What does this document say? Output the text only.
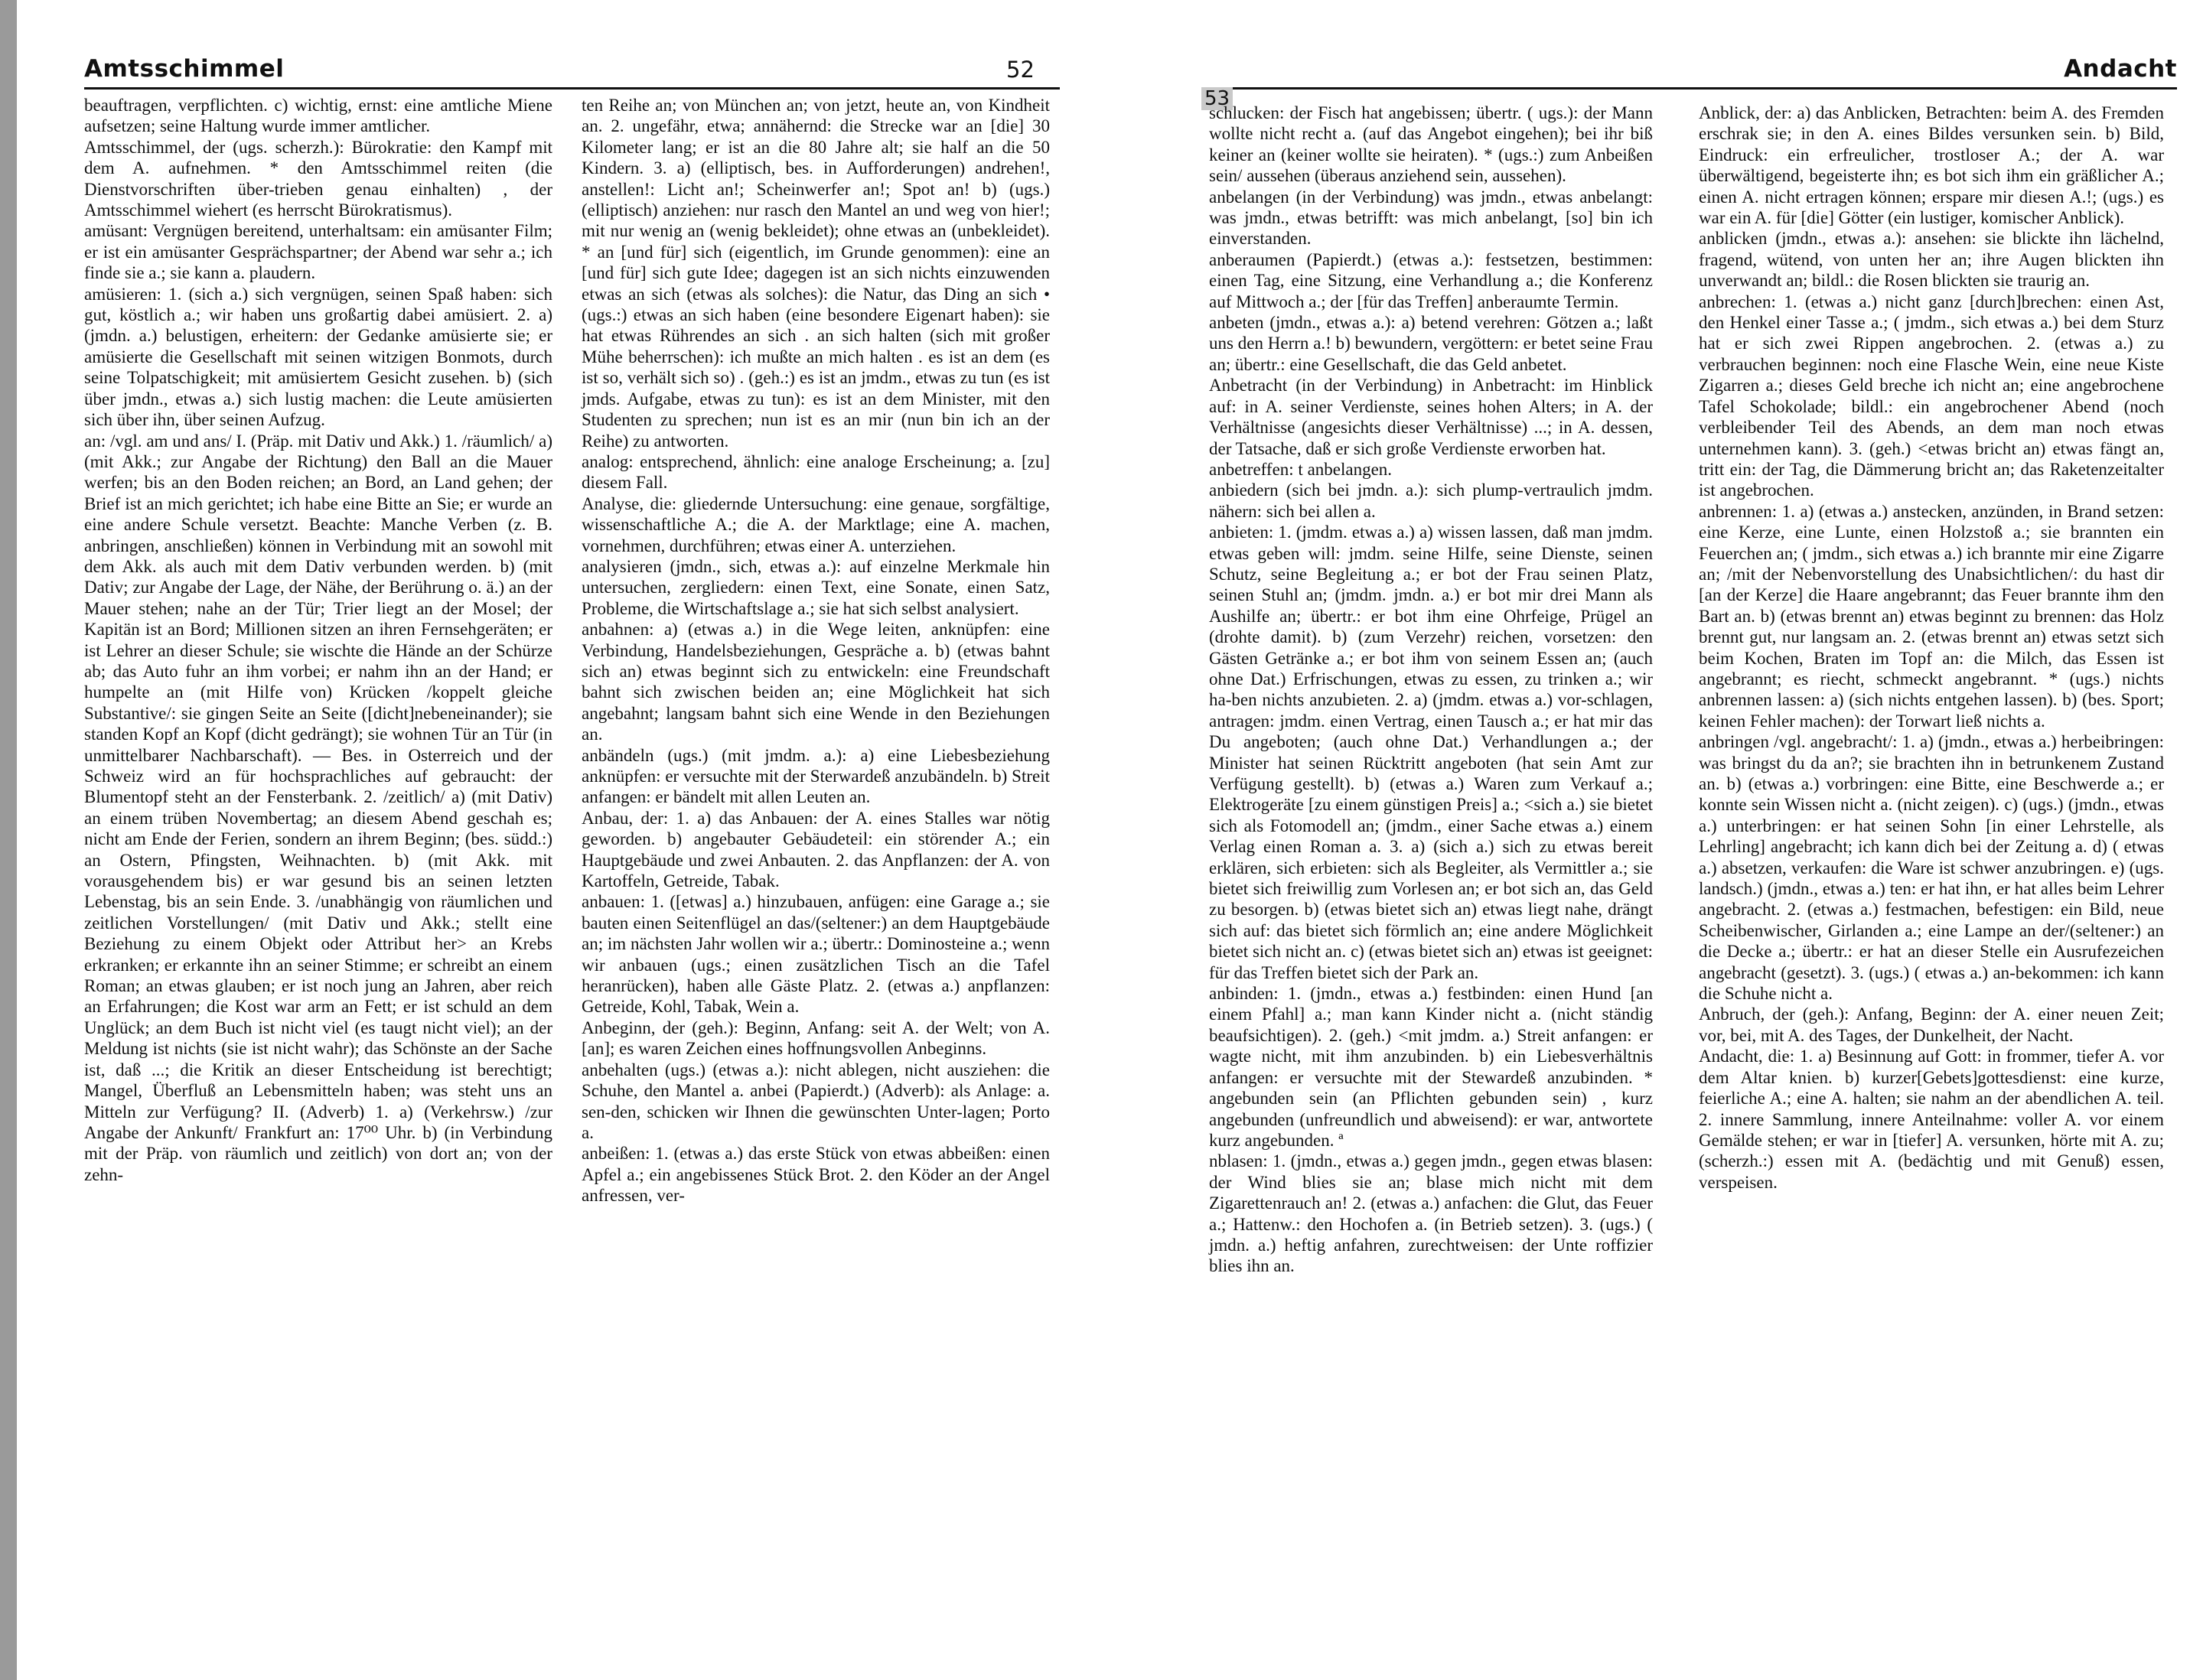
Amtsschimmel	52

beauftragen, verpflichten. c) wichtig, ernst: eine amtliche Miene aufsetzen; seine Haltung wurde immer amtlicher.

Amtsschimmel, der (ugs. scherzh.): Bürokratie: den Kampf mit dem A. aufnehmen. * den Amtsschimmel reiten (die Dienstvorschriften über-trieben genau einhalten) , der Amtsschimmel wiehert (es herrscht Bürokratismus).

amüsant: Vergnügen bereitend, unterhaltsam: ein amüsanter Film; er ist ein amüsanter Gesprächspartner; der Abend war sehr a.; ich finde sie a.; sie kann a. plaudern.

amüsieren: 1. (sich a.) sich vergnügen, seinen Spaß haben: sich gut, köstlich a.; wir haben uns großartig dabei amüsiert. 2. a) (jmdn. a.) belustigen, erheitern: der Gedanke amüsierte sie; er amüsierte die Gesellschaft mit seinen witzigen Bonmots, durch seine Tolpatschigkeit; mit amüsiertem Gesicht zusehen. b) (sich über jmdn., etwas a.) sich lustig machen: die Leute amüsierten sich über ihn, über seinen Aufzug.

an: /vgl. am und ans/ I. (Präp. mit Dativ und Akk.) 1. /räumlich/ a) (mit Akk.; zur Angabe der Richtung) den Ball an die Mauer werfen; bis an den Boden reichen; an Bord, an Land gehen; der Brief ist an mich gerichtet; ich habe eine Bitte an Sie; er wurde an eine andere Schule versetzt. Beachte: Manche Verben (z. B. anbringen, anschließen) können in Verbindung mit an sowohl mit dem Akk. als auch mit dem Dativ verbunden werden. b) (mit Dativ; zur Angabe der Lage, der Nähe, der Berührung o. ä.) an der Mauer stehen; nahe an der Tür; Trier liegt an der Mosel; der Kapitän ist an Bord; Millionen sitzen an ihren Fernsehgeräten; er ist Lehrer an dieser Schule; sie wischte die Hände an der Schürze ab; das Auto fuhr an ihm vorbei; er nahm ihn an der Hand; er humpelte an (mit Hilfe von) Krücken /koppelt gleiche Substantive/: sie gingen Seite an Seite ([dicht]nebeneinander); sie standen Kopf an Kopf (dicht gedrängt); sie wohnen Tür an Tür (in unmittelbarer Nachbarschaft). — Bes. in Osterreich und der Schweiz wird an für hochsprachliches auf gebraucht: der Blumentopf steht an der Fensterbank. 2. /zeitlich/ a) (mit Dativ) an einem trüben Novembertag; an diesem Abend geschah es; nicht am Ende der Ferien, sondern an ihrem Beginn; (bes. südd.:) an Ostern, Pfingsten, Weihnachten. b) (mit Akk. mit vorausgehendem bis) er war gesund bis an seinen letzten Lebenstag, bis an sein Ende. 3. /unabhängig von räumlichen und zeitlichen Vorstellungen/ (mit Dativ und Akk.; stellt eine Beziehung zu einem Objekt oder Attribut her> an Krebs erkranken; er erkannte ihn an seiner Stimme; er schreibt an einem Roman; an etwas glauben; er ist noch jung an Jahren, aber reich an Erfahrungen; die Kost war arm an Fett; er ist schuld an dem Unglück; an dem Buch ist nicht viel (es taugt nicht viel); an der Meldung ist nichts (sie ist nicht wahr); das Schönste an der Sache ist, daß ...; die Kritik an dieser Entscheidung ist berechtigt; Mangel, Überfluß an Lebensmitteln haben; was steht uns an Mitteln zur Verfügung? II. (Adverb) 1. a) (Verkehrsw.) /zur Angabe der Ankunft/ Frankfurt an: 17⁰⁰ Uhr. b) (in Verbindung mit der Präp. von räumlich und zeitlich) von dort an; von der zehn-

ten Reihe an; von München an; von jetzt, heute an, von Kindheit an. 2. ungefähr, etwa; annähernd: die Strecke war an [die] 30 Kilometer lang; er ist an die 80 Jahre alt; sie half an die 50 Kindern. 3. a) (elliptisch, bes. in Aufforderungen) andrehen!, anstellen!: Licht an!; Scheinwerfer an!; Spot an! b) (ugs.) (elliptisch) anziehen: nur rasch den Mantel an und weg von hier!; mit nur wenig an (wenig bekleidet); ohne etwas an (unbekleidet). * an [und für] sich (eigentlich, im Grunde genommen): eine an [und für] sich gute Idee; dagegen ist an sich nichts einzuwenden etwas an sich (etwas als solches): die Natur, das Ding an sich • (ugs.:) etwas an sich haben (eine besondere Eigenart haben): sie hat etwas Rührendes an sich . an sich halten (sich mit großer Mühe beherrschen): ich mußte an mich halten . es ist an dem (es ist so, verhält sich so) . (geh.:) es ist an jmdm., etwas zu tun (es ist jmds. Aufgabe, etwas zu tun): es ist an dem Minister, mit den Studenten zu sprechen; nun ist es an mir (nun bin ich an der Reihe) zu antworten.

analog: entsprechend, ähnlich: eine analoge Erscheinung; a. [zu] diesem Fall.

Analyse, die: gliedernde Untersuchung: eine genaue, sorgfältige, wissenschaftliche A.; die A. der Marktlage; eine A. machen, vornehmen, durchführen; etwas einer A. unterziehen.

analysieren (jmdn., sich, etwas a.): auf einzelne Merkmale hin untersuchen, zergliedern: einen Text, eine Sonate, einen Satz, Probleme, die Wirtschaftslage a.; sie hat sich selbst analysiert.

anbahnen: a) (etwas a.) in die Wege leiten, anknüpfen: eine Verbindung, Handelsbeziehungen, Gespräche a. b) (etwas bahnt sich an) etwas beginnt sich zu entwickeln: eine Freundschaft bahnt sich zwischen beiden an; eine Möglichkeit hat sich angebahnt; langsam bahnt sich eine Wende in den Beziehungen an.

anbändeln (ugs.) (mit jmdm. a.): a) eine Liebesbeziehung anknüpfen: er versuchte mit der Sterwardeß anzubändeln. b) Streit anfangen: er bändelt mit allen Leuten an.

Anbau, der: 1. a) das Anbauen: der A. eines Stalles war nötig geworden. b) angebauter Gebäudeteil: ein störender A.; ein Hauptgebäude und zwei Anbauten. 2. das Anpflanzen: der A. von Kartoffeln, Getreide, Tabak.

anbauen: 1. ([etwas] a.) hinzubauen, anfügen: eine Garage a.; sie bauten einen Seitenflügel an das/(seltener:) an dem Hauptgebäude an; im nächsten Jahr wollen wir a.; übertr.: Dominosteine a.; wenn wir anbauen (ugs.; einen zusätzlichen Tisch an die Tafel heranrücken), haben alle Gäste Platz. 2. (etwas a.) anpflanzen: Getreide, Kohl, Tabak, Wein a.

Anbeginn, der (geh.): Beginn, Anfang: seit A. der Welt; von A. [an]; es waren Zeichen eines hoffnungsvollen Anbeginns.

anbehalten (ugs.) (etwas a.): nicht ablegen, nicht ausziehen: die Schuhe, den Mantel a. anbei (Papierdt.) (Adverb): als Anlage: a. sen-den, schicken wir Ihnen die gewünschten Unter-lagen; Porto a.

anbeißen: 1. (etwas a.) das erste Stück von etwas abbeißen: einen Apfel a.; ein angebissenes Stück Brot. 2. den Köder an der Angel anfressen, ver-

53
Andacht

schlucken: der Fisch hat angebissen; übertr. ( ugs.): der Mann wollte nicht recht a. (auf das Angebot eingehen); bei ihr biß keiner an (keiner wollte sie heiraten). * (ugs.:) zum Anbeißen sein/ aussehen (überaus anziehend sein, aussehen).

anbelangen (in der Verbindung) was jmdn., etwas anbelangt: was jmdn., etwas betrifft: was mich anbelangt, [so] bin ich einverstanden.

anberaumen (Papierdt.) (etwas a.): festsetzen, bestimmen: einen Tag, eine Sitzung, eine Verhandlung a.; die Konferenz auf Mittwoch a.; der [für das Treffen] anberaumte Termin.

anbeten (jmdn., etwas a.): a) betend verehren: Götzen a.; laßt uns den Herrn a.! b) bewundern, vergöttern: er betet seine Frau an; übertr.: eine Gesellschaft, die das Geld anbetet.

Anbetracht (in der Verbindung) in Anbetracht: im Hinblick auf: in A. seiner Verdienste, seines hohen Alters; in A. der Verhältnisse (angesichts dieser Verhältnisse) ...; in A. dessen, der Tatsache, daß er sich große Verdienste erworben hat.

anbetreffen: t anbelangen.

anbiedern (sich bei jmdn. a.): sich plump-vertraulich jmdm. nähern: sich bei allen a.

anbieten: 1. (jmdm. etwas a.) a) wissen lassen, daß man jmdm. etwas geben will: jmdm. seine Hilfe, seine Dienste, seinen Schutz, seine Begleitung a.; er bot der Frau seinen Platz, seinen Stuhl an; (jmdm. jmdn. a.) er bot mir drei Mann als Aushilfe an; übertr.: er bot ihm eine Ohrfeige, Prügel an (drohte damit). b) (zum Verzehr) reichen, vorsetzen: den Gästen Getränke a.; er bot ihm von seinem Essen an; (auch ohne Dat.) Erfrischungen, etwas zu essen, zu trinken a.; wir ha-ben nichts anzubieten. 2. a) (jmdm. etwas a.) vor-schlagen, antragen: jmdm. einen Vertrag, einen Tausch a.; er hat mir das Du angeboten; (auch ohne Dat.) Verhandlungen a.; der Minister hat seinen Rücktritt angeboten (hat sein Amt zur Verfügung gestellt). b) (etwas a.) Waren zum Verkauf a.; Elektrogeräte [zu einem günstigen Preis] a.; <sich a.) sie bietet sich als Fotomodell an; (jmdm., einer Sache etwas a.) einem Verlag einen Roman a. 3. a) (sich a.) sich zu etwas bereit erklären, sich erbieten: sich als Begleiter, als Vermittler a.; sie bietet sich freiwillig zum Vorlesen an; er bot sich an, das Geld zu besorgen. b) (etwas bietet sich an) etwas liegt nahe, drängt sich auf: das bietet sich förmlich an; eine andere Möglichkeit bietet sich nicht an. c) (etwas bietet sich an) etwas ist geeignet: für das Treffen bietet sich der Park an.

anbinden: 1. (jmdn., etwas a.) festbinden: einen Hund [an einem Pfahl] a.; man kann Kinder nicht a. (nicht ständig beaufsichtigen). 2. (geh.) <mit jmdm. a.) Streit anfangen: er wagte nicht, mit ihm anzubinden. b) ein Liebesverhältnis anfangen: er versuchte mit der Stewardeß anzubinden. * angebunden sein (an Pflichten gebunden sein) , kurz angebunden (unfreundlich und abweisend): er war, antwortete kurz angebunden. ª

nblasen: 1. (jmdn., etwas a.) gegen jmdn., gegen etwas blasen: der Wind blies sie an; blase mich nicht mit dem Zigarettenrauch an! 2. (etwas a.) anfachen: die Glut, das Feuer a.; Hattenw.: den Hochofen a. (in Betrieb setzen). 3. (ugs.) ( jmdn. a.) heftig anfahren, zurechtweisen: der Unte roffizier blies ihn an.

Anblick, der: a) das Anblicken, Betrachten: beim A. des Fremden erschrak sie; in den A. eines Bildes versunken sein. b) Bild, Eindruck: ein erfreulicher, trostloser A.; der A. war überwältigend, begeisterte ihn; es bot sich ihm ein gräßlicher A.; einen A. nicht ertragen können; erspare mir diesen A.!; (ugs.) es war ein A. für [die] Götter (ein lustiger, komischer Anblick).

anblicken (jmdn., etwas a.): ansehen: sie blickte ihn lächelnd, fragend, wütend, von unten her an; ihre Augen blickten ihn unverwandt an; bildl.: die Rosen blickten sie traurig an.

anbrechen: 1. (etwas a.) nicht ganz [durch]brechen: einen Ast, den Henkel einer Tasse a.; ( jmdm., sich etwas a.) bei dem Sturz hat er sich zwei Rippen angebrochen. 2. (etwas a.) zu verbrauchen beginnen: noch eine Flasche Wein, eine neue Kiste Zigarren a.; dieses Geld breche ich nicht an; eine angebrochene Tafel Schokolade; bildl.: ein angebrochener Abend (noch verbleibender Teil des Abends, an dem man noch etwas unternehmen kann). 3. (geh.) <etwas bricht an) etwas fängt an, tritt ein: der Tag, die Dämmerung bricht an; das Raketenzeitalter ist angebrochen.

anbrennen: 1. a) (etwas a.) anstecken, anzünden, in Brand setzen: eine Kerze, eine Lunte, einen Holzstoß a.; sie brannten ein Feuerchen an; ( jmdm., sich etwas a.) ich brannte mir eine Zigarre an; /mit der Nebenvorstellung des Unabsichtlichen/: du hast dir [an der Kerze] die Haare angebrannt; das Feuer brannte ihm den Bart an. b) (etwas brennt an) etwas beginnt zu brennen: das Holz brennt gut, nur langsam an. 2. (etwas brennt an) etwas setzt sich beim Kochen, Braten im Topf an: die Milch, das Essen ist angebrannt; es riecht, schmeckt angebrannt. * (ugs.) nichts anbrennen lassen: a) (sich nichts entgehen lassen). b) (bes. Sport; keinen Fehler machen): der Torwart ließ nichts a.

anbringen /vgl. angebracht/: 1. a) (jmdn., etwas a.) herbeibringen: was bringst du da an?; sie brachten ihn in betrunkenem Zustand an. b) (etwas a.) vorbringen: eine Bitte, eine Beschwerde a.; er konnte sein Wissen nicht a. (nicht zeigen). c) (ugs.) (jmdn., etwas a.) unterbringen: er hat seinen Sohn [in einer Lehrstelle, als Lehrling] angebracht; ich kann dich bei der Zeitung a. d) ( etwas a.) absetzen, verkaufen: die Ware ist schwer anzubringen. e) (ugs. landsch.) (jmdn., etwas a.) ten: er hat ihn, er hat alles beim Lehrer angebracht. 2. (etwas a.) festmachen, befestigen: ein Bild, neue Scheibenwischer, Girlanden a.; eine Lampe an der/(seltener:) an die Decke a.; übertr.: er hat an dieser Stelle ein Ausrufezeichen angebracht (gesetzt). 3. (ugs.) ( etwas a.) an-bekommen: ich kann die Schuhe nicht a.

Anbruch, der (geh.): Anfang, Beginn: der A. einer neuen Zeit; vor, bei, mit A. des Tages, der Dunkelheit, der Nacht.

Andacht, die: 1. a) Besinnung auf Gott: in frommer, tiefer A. vor dem Altar knien. b) kurzer[Gebets]gottesdienst: eine kurze, feierliche A.; eine A. halten; sie nahm an der abendlichen A. teil. 2. innere Sammlung, innere Anteilnahme: voller A. vor einem Gemälde stehen; er war in [tiefer] A. versunken, hörte mit A. zu; (scherzh.:) essen mit A. (bedächtig und mit Genuß) essen, verspeisen.
